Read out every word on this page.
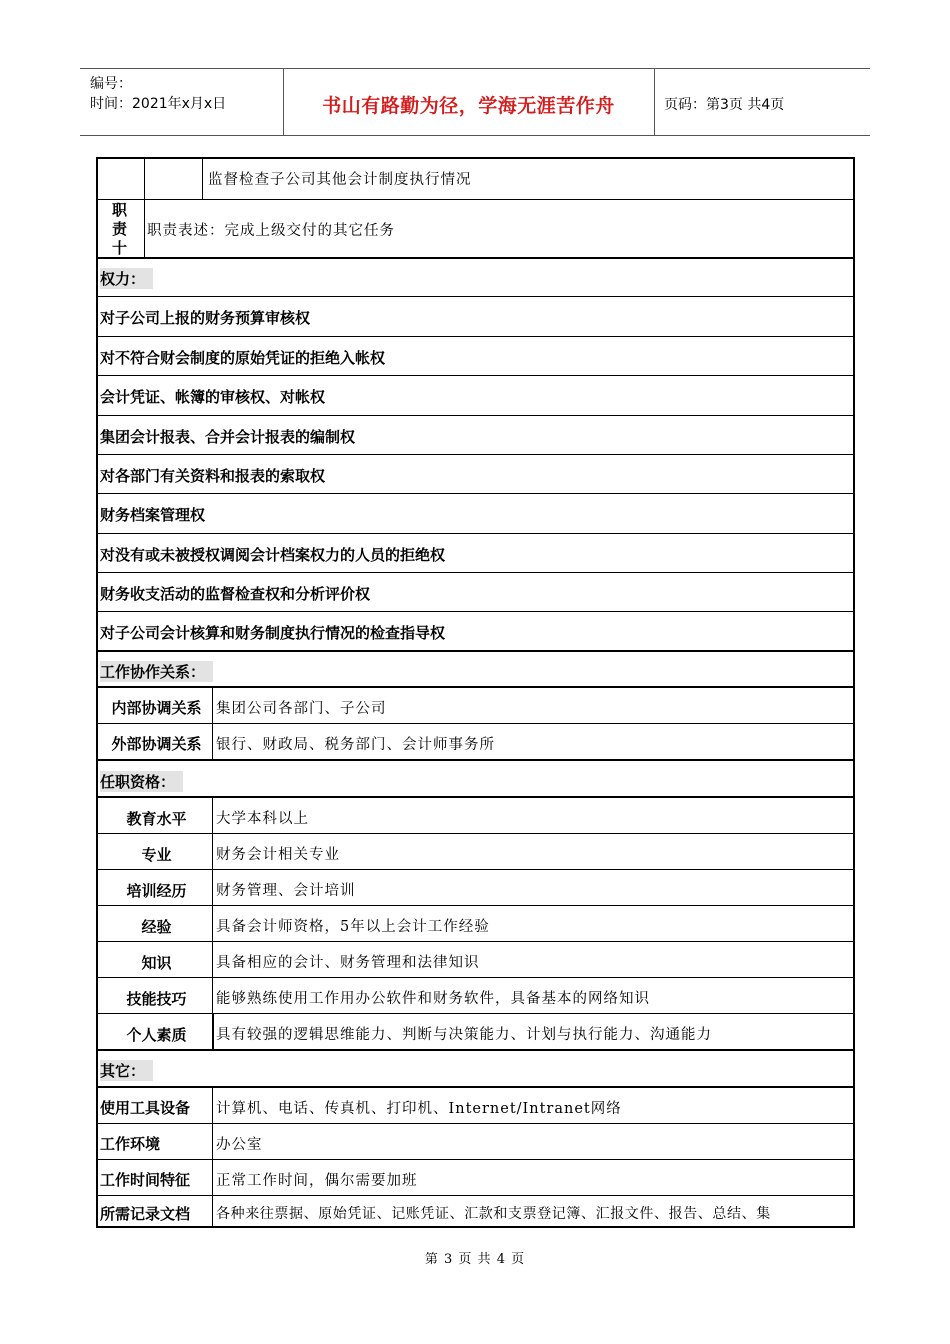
编号：
时间：2021年x月x日	书山有路勤为径，学海无涯苦作舟	页码：第3页 共4页
监督检查子公司其他会计制度执行情况
职责十
职责表述：完成上级交付的其它任务
权力：
对子公司上报的财务预算审核权
对不符合财会制度的原始凭证的拒绝入帐权
会计凭证、帐簿的审核权、对帐权
集团会计报表、合并会计报表的编制权
对各部门有关资料和报表的索取权
财务档案管理权
对没有或未被授权调阅会计档案权力的人员的拒绝权
财务收支活动的监督检查权和分析评价权
对子公司会计核算和财务制度执行情况的检查指导权
工作协作关系：
内部协调关系	集团公司各部门、子公司
外部协调关系	银行、财政局、税务部门、会计师事务所
任职资格：
教育水平	大学本科以上
专业	财务会计相关专业
培训经历	财务管理、会计培训
经验	具备会计师资格，5年以上会计工作经验
知识	具备相应的会计、财务管理和法律知识
技能技巧	能够熟练使用工作用办公软件和财务软件，具备基本的网络知识
个人素质	具有较强的逻辑思维能力、判断与决策能力、计划与执行能力、沟通能力
其它：
使用工具设备 计算机、电话、传真机、打印机、Internet/Intranet网络
工作环境	办公室
工作时间特征 正常工作时间，偶尔需要加班
所需记录文档 各种来往票据、原始凭证、记账凭证、汇款和支票登记簿、汇报文件、报告、总结、集
第 3 页 共 4 页
